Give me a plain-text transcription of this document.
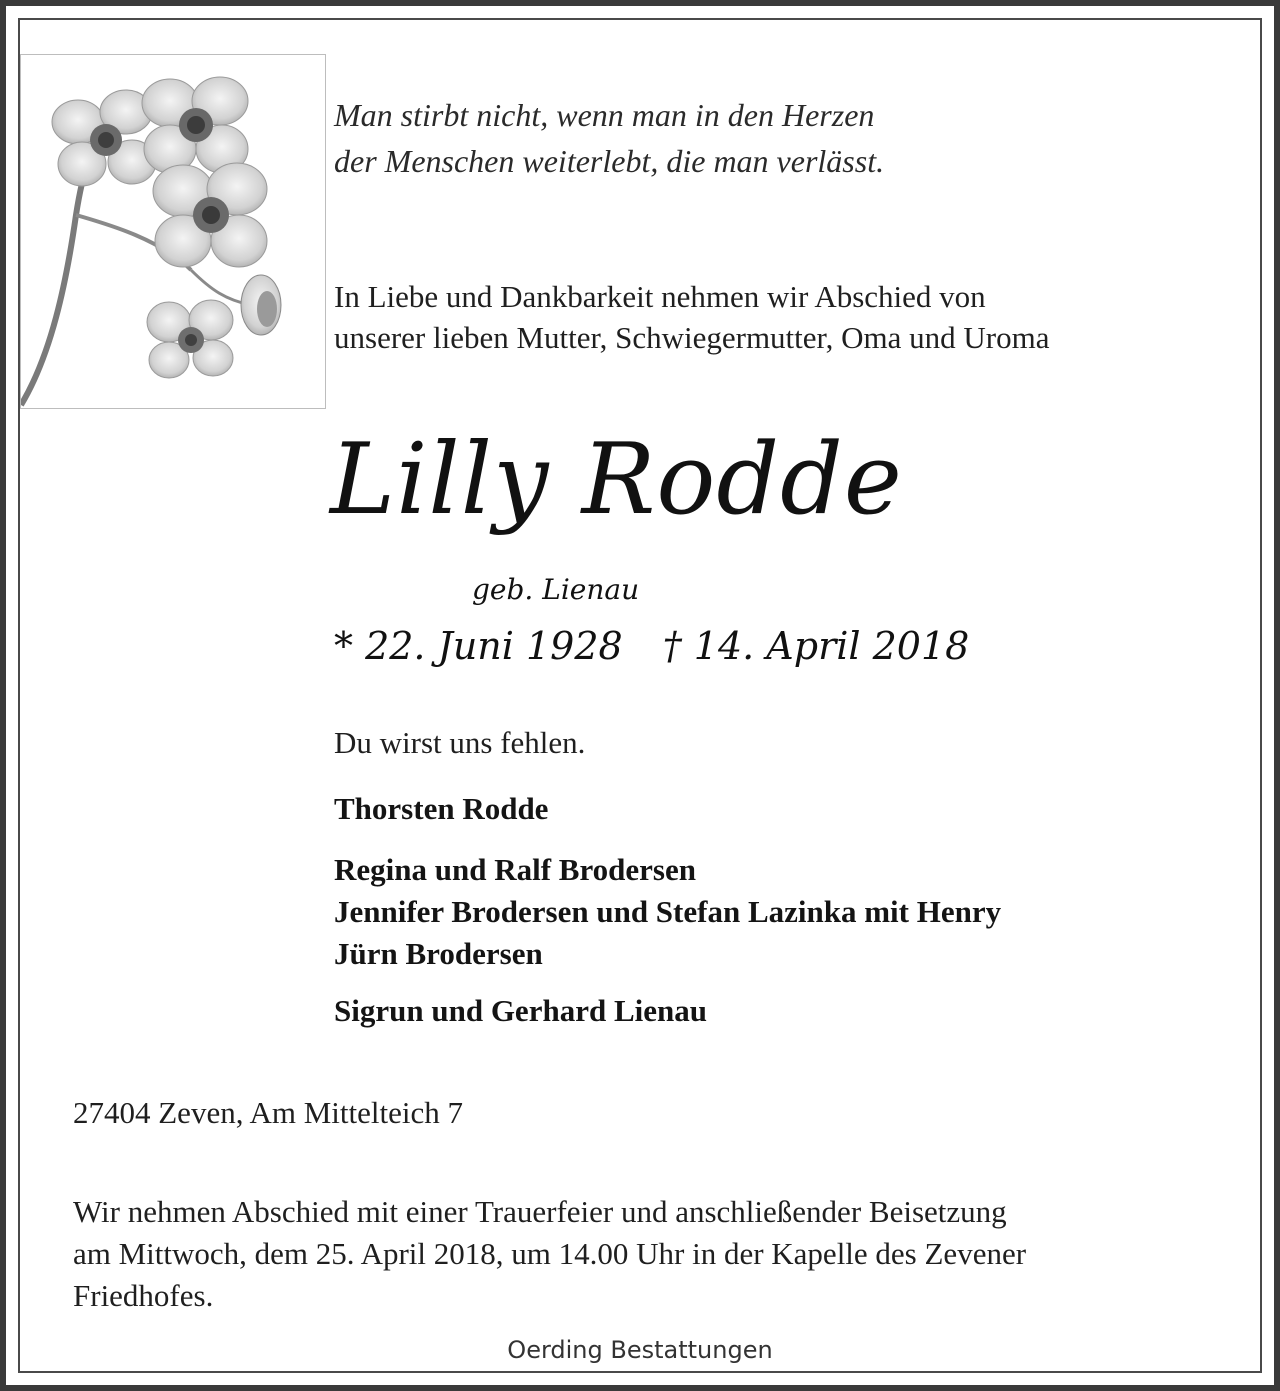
Man stirbt nicht, wenn man in den Herzen
der Menschen weiterlebt, die man verlässt.

In Liebe und Dankbarkeit nehmen wir Abschied von
unserer lieben Mutter, Schwiegermutter, Oma und Uroma

Lilly Rodde

geb. Lienau

* 22. Juni 1928 † 14. April 2018

Du wirst uns fehlen.

Thorsten Rodde

Regina und Ralf Brodersen

Jennifer Brodersen und Stefan Lazinka mit Henry

Jürn Brodersen

Sigrun und Gerhard Lienau

27404 Zeven, Am Mittelteich 7

Wir nehmen Abschied mit einer Trauerfeier und anschließender Beisetzung
am Mittwoch, dem 25. April 2018, um 14.00 Uhr in der Kapelle des Zevener
Friedhofes.

Oerding Bestattungen
